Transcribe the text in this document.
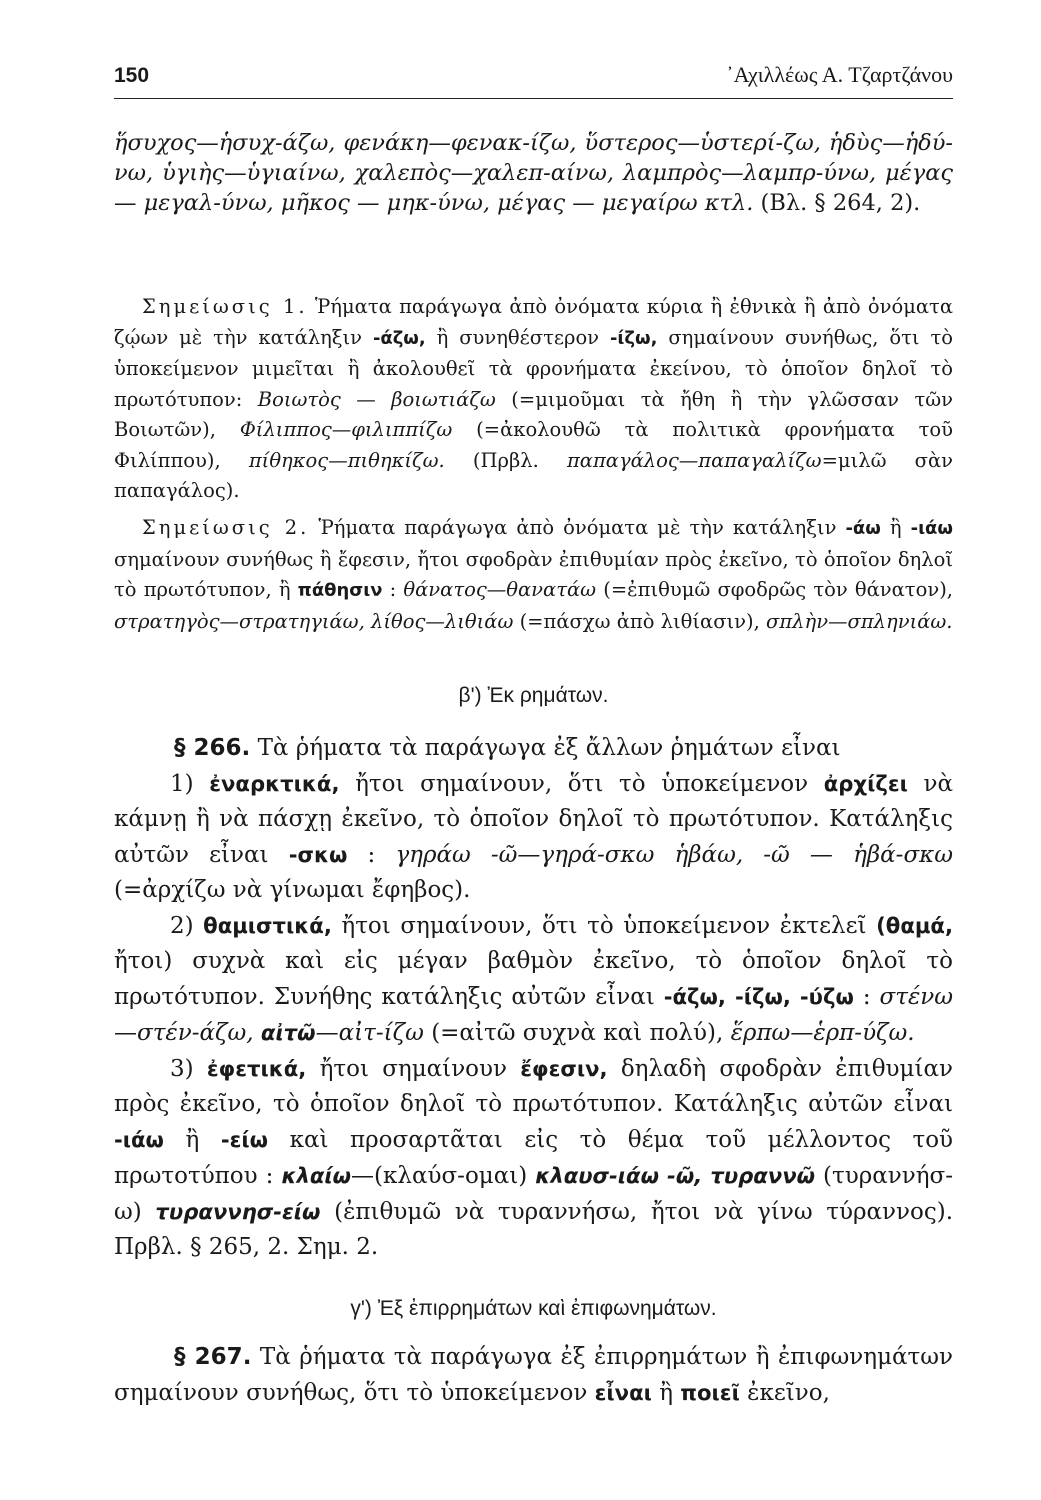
150	᾿Αχιλλέως Α. Τζαρτζάνου

ἥσυχος—ἡσυχ-άζω, φενάκη—φενακ-ίζω, ὕστερος—ὑστερί-ζω, ἡδὺς—ἡδύ-νω, ὑγιὴς—ὑγιαίνω, χαλεπὸς—χαλεπ-αίνω, λαμπρὸς—λαμπρ-ύνω, μέγας — μεγαλ-ύνω, μῆκος — μηκ-ύνω, μέγας — μεγαίρω κτλ. (Βλ. § 264, 2).

Σημείωσις 1. Ῥήματα παράγωγα ἀπὸ ὀνόματα κύρια ἢ ἐθνικὰ ἢ ἀπὸ ὀνόματα ζῴων μὲ τὴν κατάληξιν -άζω, ἢ συνηθέστερον -ίζω, σημαίνουν συνήθως, ὅτι τὸ ὑποκείμενον μιμεῖται ἢ ἀκολουθεῖ τὰ φρονήματα ἐκείνου, τὸ ὁποῖον δηλοῖ τὸ πρωτότυπον: Βοιωτὸς — βοιωτιάζω (=μιμοῦμαι τὰ ἤθη ἢ τὴν γλῶσσαν τῶν Βοιωτῶν), Φίλιππος—φιλιππίζω (=ἀκολουθῶ τὰ πολιτικὰ φρονήματα τοῦ Φιλίππου), πίθηκος—πιθηκίζω. (Πρβλ. παπαγάλος—παπαγαλίζω=μιλῶ σὰν παπαγάλος).

Σημείωσις 2. Ῥήματα παράγωγα ἀπὸ ὀνόματα μὲ τὴν κατάληξιν -άω ἢ -ιάω σημαίνουν συνήθως ἢ ἔφεσιν, ἤτοι σφοδρὰν ἐπιθυμίαν πρὸς ἐκεῖνο, τὸ ὁποῖον δηλοῖ τὸ πρωτότυπον, ἢ πάθησιν : θάνατος—θανατάω (=ἐπιθυμῶ σφοδρῶς τὸν θάνατον), στρατηγὸς—στρατηγιάω, λίθος—λιθιάω (=πάσχω ἀπὸ λιθίασιν), σπλὴν—σπληνιάω.

β') Ἐκ ρημάτων.

§ 266. Τὰ ῥήματα τὰ παράγωγα ἐξ ἄλλων ῥημάτων εἶναι

1) ἐναρκτικά, ἤτοι σημαίνουν, ὅτι τὸ ὑποκείμενον ἀρχίζει νὰ κάμνῃ ἢ νὰ πάσχῃ ἐκεῖνο, τὸ ὁποῖον δηλοῖ τὸ πρωτότυπον. Κατάληξις αὐτῶν εἶναι -σκω : γηράω -ῶ—γηρά-σκω ἡβάω, -ῶ — ἡβά-σκω (=ἀρχίζω νὰ γίνωμαι ἔφηβος).

2) θαμιστικά, ἤτοι σημαίνουν, ὅτι τὸ ὑποκείμενον ἐκτελεῖ (θαμά, ἤτοι) συχνὰ καὶ εἰς μέγαν βαθμὸν ἐκεῖνο, τὸ ὁποῖον δηλοῖ τὸ πρωτότυπον. Συνήθης κατάληξις αὐτῶν εἶναι -άζω, -ίζω, -ύζω : στένω —στέν-άζω, αἰτῶ—αἰτ-ίζω (=αἰτῶ συχνὰ καὶ πολύ), ἕρπω—ἑρπ-ύζω.

3) ἐφετικά, ἤτοι σημαίνουν ἔφεσιν, δηλαδὴ σφοδρὰν ἐπιθυμίαν πρὸς ἐκεῖνο, τὸ ὁποῖον δηλοῖ τὸ πρωτότυπον. Κατάληξις αὐτῶν εἶναι -ιάω ἢ -είω καὶ προσαρτᾶται εἰς τὸ θέμα τοῦ μέλλοντος τοῦ πρωτοτύπου : κλαίω—(κλαύσ-ομαι) κλαυσ-ιάω -ῶ, τυραννῶ (τυραννήσ-ω) τυραννησ-είω (ἐπιθυμῶ νὰ τυραννήσω, ἤτοι νὰ γίνω τύραννος). Πρβλ. § 265, 2. Σημ. 2.

γ') Ἐξ ἐπιρρημάτων καὶ ἐπιφωνημάτων.

§ 267. Τὰ ῥήματα τὰ παράγωγα ἐξ ἐπιρρημάτων ἢ ἐπιφωνημάτων σημαίνουν συνήθως, ὅτι τὸ ὑποκείμενον εἶναι ἢ ποιεῖ ἐκεῖνο,
